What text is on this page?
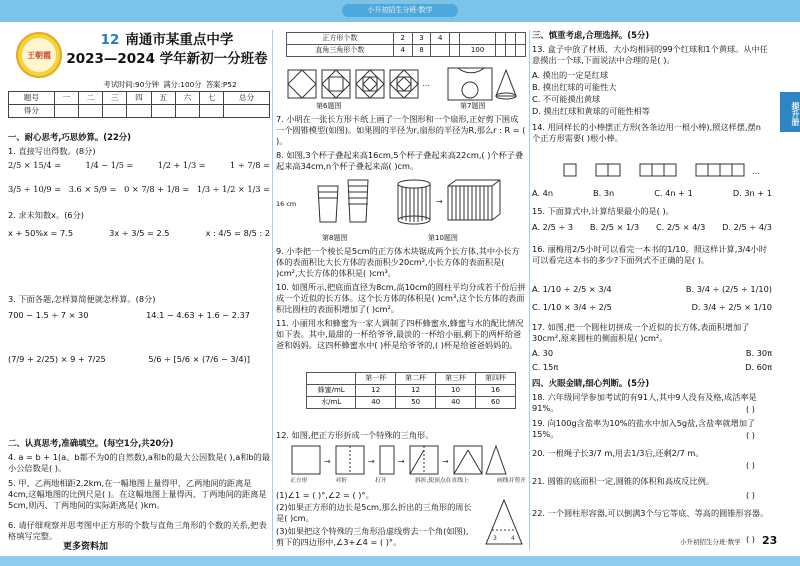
小升初招生分班·数学
提升册
王朝霞
12 南通市某重点中学
2023—2024 学年新初一分班卷
考试时间:90分钟 满分:100分 答案:P52
题号	一	二	三	四	五	六	七	总分
得分								
一、耐心思考,巧思妙算。(22分)
1. 直接写出得数。(8分)
2/5 × 15/4 =	1/4 − 1/5 =	1/2 + 1/3 =	1 ÷ 7/8 =
3/5 ÷ 10/9 = 3.6 × 5/9 = 0 × 7/8 + 1/8 = 1/3 ÷ 1/2 × 1/3 =
2. 求未知数x。(6分)
x + 50%x = 7.5	3x ÷ 3/5 = 2.5	x : 4/5 = 8/5 : 2
3. 下面各题,怎样算简便就怎样算。(8分)
700 − 1.5 ÷ 7 × 30	14.1 − 4.63 + 1.6 − 2.37
(7/9 + 2/25) × 9 + 7/25	5/6 ÷ [5/6 × (7/6 − 3/4)]
二、认真思考,准确填空。(每空1分,共20分)
4. a = b + 1(a、b都不为0的自然数),a和b的最大公因数是( ),a和b的最小公倍数是( )。
5. 甲、乙两地相距2.2km,在一幅地图上量得甲、乙两地间的距离是4cm,这幅地图的比例尺是( )。在这幅地图上量得丙、丁两地间的距离是5cm,则丙、丁两地间的实际距离是( )km。
6. 请仔细观察并思考图中正方形的个数与直角三角形的个数的关系,把表格填写完整。
更多资料加
正方形个数	2	3	4					
直角三角形个数	4	8			100			
…
第6题图	第7题图
7. 小明在一张长方形卡纸上画了一个图形和一个扇形,正好剪下围成一个圆锥模型(如图)。如果圆的半径为r,扇形的半径为R,那么r : R = ( )。
8. 如图,3个杯子叠起来高16cm,5个杯子叠起来高22cm,( )个杯子叠起来高34cm,n个杯子叠起来高( )cm。
→
16 cm
第8题图	第10题图
9. 小李把一个棱长是5cm的正方体木块锯成两个长方体,其中小长方体的表面积比大长方体的表面积少20cm²,小长方体的表面积是( )cm²,大长方体的体积是( )cm³。
10. 如图所示,把底面直径为8cm,高10cm的圆柱平均分成若干份后拼成一个近似的长方体。这个长方体的体积是( )cm³,这个长方体的表面积比圆柱的表面积增加了( )cm²。
11. 小丽用水和蜂蜜为一家人调制了四杯蜂蜜水,蜂蜜与水的配比情况如下表。其中,最甜的一杯给爷爷,最淡的一杯给小丽,剩下的两杯给爸爸和妈妈。这四杯蜂蜜水中( )杯是给爷爷的,( )杯是给爸爸妈妈的。
	第一杯	第二杯	第三杯	第四杯
蜂蜜/mL	12	12	10	16
水/mL	40	50	40	60
12. 如图,把正方形折成一个特殊的三角形。
→	→	→	→
正方形	对折	打开	斜折,使顶点在直线上	画线并剪开
(1)∠1 = ( )°,∠2 = ( )°。
(2)如果正方形的边长是5cm,那么折出的三角形的周长是( )cm。
(3)如果把这个特殊的三角形沿虚线剪去一个角(如图),剪下的四边形中,∠3+∠4 = ( )°。	3 4
三、慎重考虑,合理选择。(5分)
13. 盒子中放了材质、大小均相同的99个红球和1个黄球。从中任意摸出一个球,下面说法中合理的是( )。
A. 摸出的一定是红球
B. 摸出红球的可能性大
C. 不可能摸出黄球
D. 摸出红球和黄球的可能性相等
14. 用同样长的小棒摆正方形(各条边用一根小棒),照这样摆,摆n个正方形需要( )根小棒。
…
A. 4n	B. 3n	C. 4n + 1	D. 3n + 1
15. 下面算式中,计算结果最小的是( )。
A. 2/5 ÷ 3 B. 2/5 × 1/3 C. 2/5 × 4/3 D. 2/5 ÷ 4/3
16. 丽梅用2/5小时可以看完一本书的1/10。照这样计算,3/4小时可以看完这本书的多少?下面列式不正确的是( )。
A. 1/10 ÷ 2/5 × 3/4	B. 3/4 ÷ (2/5 ÷ 1/10)
C. 1/10 × 3/4 ÷ 2/5	D. 3/4 ÷ 2/5 × 1/10
17. 如图,把一个圆柱切拼成一个近似的长方体,表面积增加了30cm²,原来圆柱的侧面积是( )cm²。
A. 30	B. 30π
C. 15π	D. 60π
四、火眼金睛,细心判断。(5分)
18. 六年级同学参加考试的有91人,其中9人没有及格,成活率是91%。	( )
19. 向100g含盐率为10%的盐水中加入5g盐,含盐率就增加了15%。	( )
20. 一根绳子长3/7 m,用去1/3后,还剩2/7 m。
( )
21. 圆锥的底面积一定,圆锥的体积和高成反比例。
( )
22. 一个圆柱形容器,可以倒满3个与它等底、等高的圆锥形容器。
( )
小升初招生分班·数学 23
